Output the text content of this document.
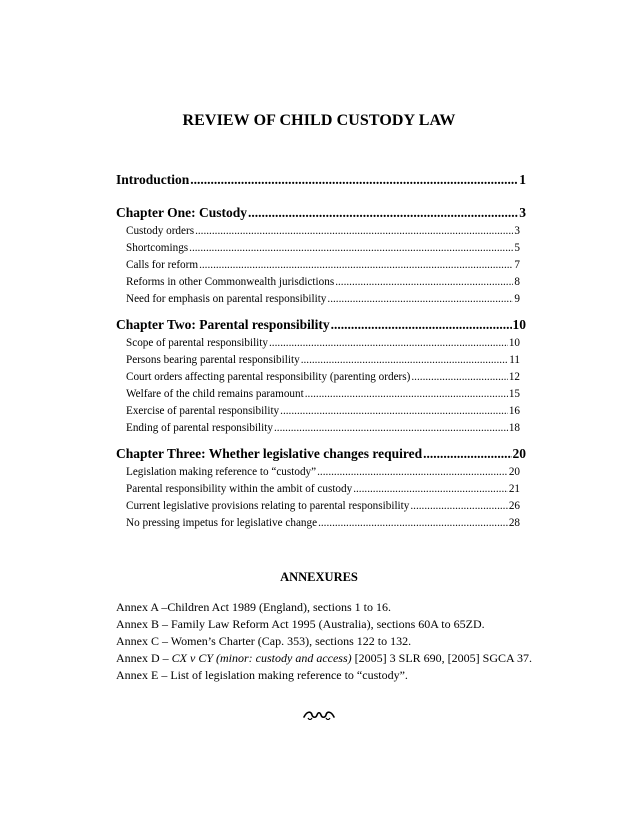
REVIEW OF CHILD CUSTODY LAW
Introduction .....	1
Chapter One: Custody .....	3
Custody orders .....	3
Shortcomings .....	5
Calls for reform .....	7
Reforms in other Commonwealth jurisdictions .....	8
Need for emphasis on parental responsibility .....	9
Chapter Two: Parental responsibility .....	10
Scope of parental responsibility .....	10
Persons bearing parental responsibility .....	11
Court orders affecting parental responsibility (parenting orders) .....	12
Welfare of the child remains paramount .....	15
Exercise of parental responsibility .....	16
Ending of parental responsibility .....	18
Chapter Three: Whether legislative changes required .....	20
Legislation making reference to “custody” .....	20
Parental responsibility within the ambit of custody .....	21
Current legislative provisions relating to parental responsibility .....	26
No pressing impetus for legislative change .....	28
ANNEXURES
Annex A –Children Act 1989 (England), sections 1 to 16.
Annex B – Family Law Reform Act 1995 (Australia), sections 60A to 65ZD.
Annex C – Women’s Charter (Cap. 353), sections 122 to 132.
Annex D – CX v CY (minor: custody and access) [2005] 3 SLR 690, [2005] SGCA 37.
Annex E – List of legislation making reference to “custody”.
